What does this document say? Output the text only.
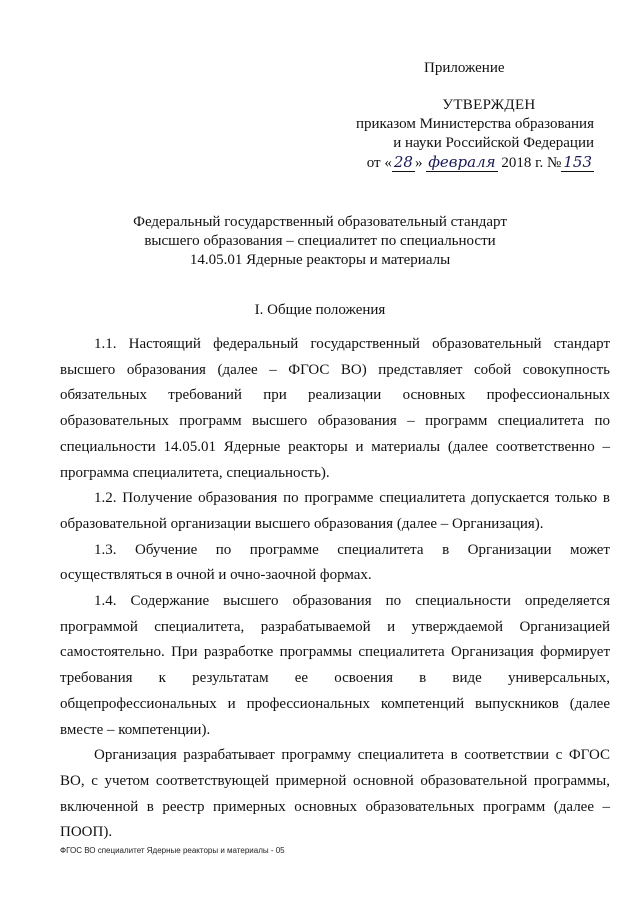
Приложение
УТВЕРЖДЕН
приказом Министерства образования
и науки Российской Федерации
от « 28 » февраля 2018 г. № 153
Федеральный государственный образовательный стандарт
высшего образования – специалитет по специальности
14.05.01 Ядерные реакторы и материалы
I. Общие положения

1.1. Настоящий федеральный государственный образовательный стандарт высшего образования (далее – ФГОС ВО) представляет собой совокупность обязательных требований при реализации основных профессиональных образовательных программ высшего образования – программ специалитета по специальности 14.05.01 Ядерные реакторы и материалы (далее соответственно – программа специалитета, специальность).

1.2. Получение образования по программе специалитета допускается только в образовательной организации высшего образования (далее – Организация).

1.3. Обучение по программе специалитета в Организации может осуществляться в очной и очно-заочной формах.

1.4. Содержание высшего образования по специальности определяется программой специалитета, разрабатываемой и утверждаемой Организацией самостоятельно. При разработке программы специалитета Организация формирует требования к результатам ее освоения в виде универсальных, общепрофессиональных и профессиональных компетенций выпускников (далее вместе – компетенции).

Организация разрабатывает программу специалитета в соответствии с ФГОС ВО, с учетом соответствующей примерной основной образовательной программы, включенной в реестр примерных основных образовательных программ (далее – ПООП).

ФГОС ВО специалитет Ядерные реакторы и материалы - 05
